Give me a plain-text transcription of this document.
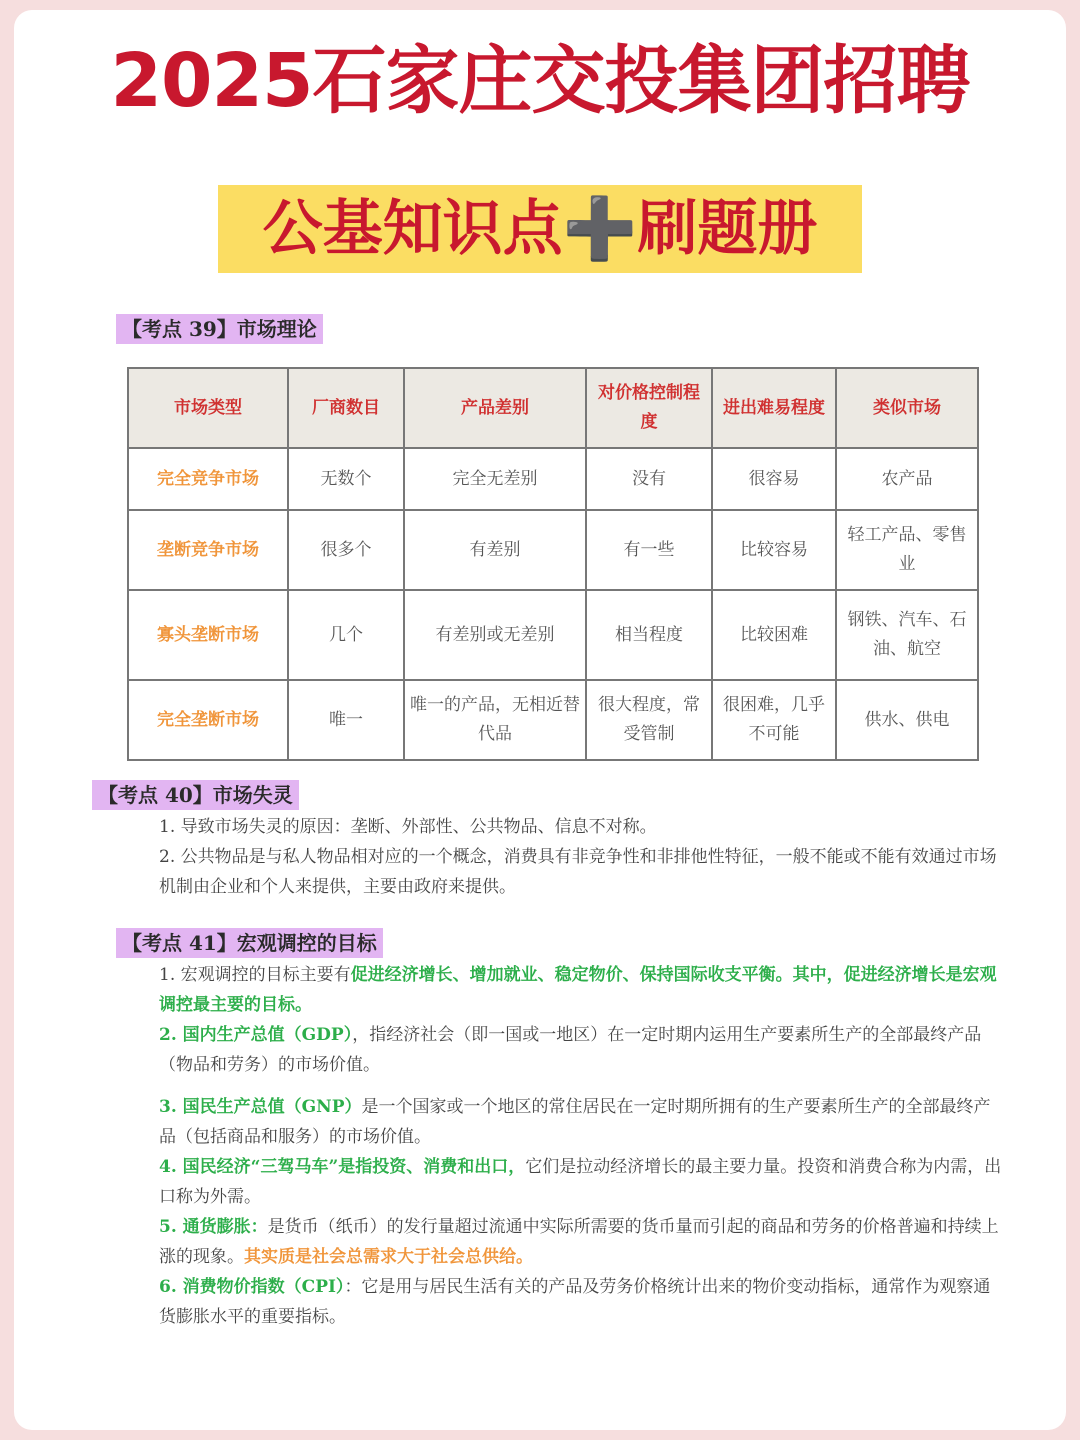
2025石家庄交投集团招聘
公基知识点➕刷题册
【考点 39】市场理论
市场类型	厂商数目	产品差别	对价格控制程度	进出难易程度	类似市场
完全竞争市场	无数个	完全无差别	没有	很容易	农产品
垄断竞争市场	很多个	有差别	有一些	比较容易	轻工产品、零售业
寡头垄断市场	几个	有差别或无差别	相当程度	比较困难	钢铁、汽车、石油、航空
完全垄断市场	唯一	唯一的产品，无相近替代品	很大程度，常受管制	很困难，几乎不可能	供水、供电
【考点 40】市场失灵
1. 导致市场失灵的原因：垄断、外部性、公共物品、信息不对称。
2. 公共物品是与私人物品相对应的一个概念，消费具有非竞争性和非排他性特征，一般不能或不能有效通过市场机制由企业和个人来提供，主要由政府来提供。
【考点 41】宏观调控的目标
1. 宏观调控的目标主要有促进经济增长、增加就业、稳定物价、保持国际收支平衡。其中，促进经济增长是宏观调控最主要的目标。
2. 国内生产总值（GDP），指经济社会（即一国或一地区）在一定时期内运用生产要素所生产的全部最终产品（物品和劳务）的市场价值。
3. 国民生产总值（GNP）是一个国家或一个地区的常住居民在一定时期所拥有的生产要素所生产的全部最终产品（包括商品和服务）的市场价值。
4. 国民经济“三驾马车”是指投资、消费和出口，它们是拉动经济增长的最主要力量。投资和消费合称为内需，出口称为外需。
5. 通货膨胀：是货币（纸币）的发行量超过流通中实际所需要的货币量而引起的商品和劳务的价格普遍和持续上涨的现象。其实质是社会总需求大于社会总供给。
6. 消费物价指数（CPI）：它是用与居民生活有关的产品及劳务价格统计出来的物价变动指标，通常作为观察通货膨胀水平的重要指标。
